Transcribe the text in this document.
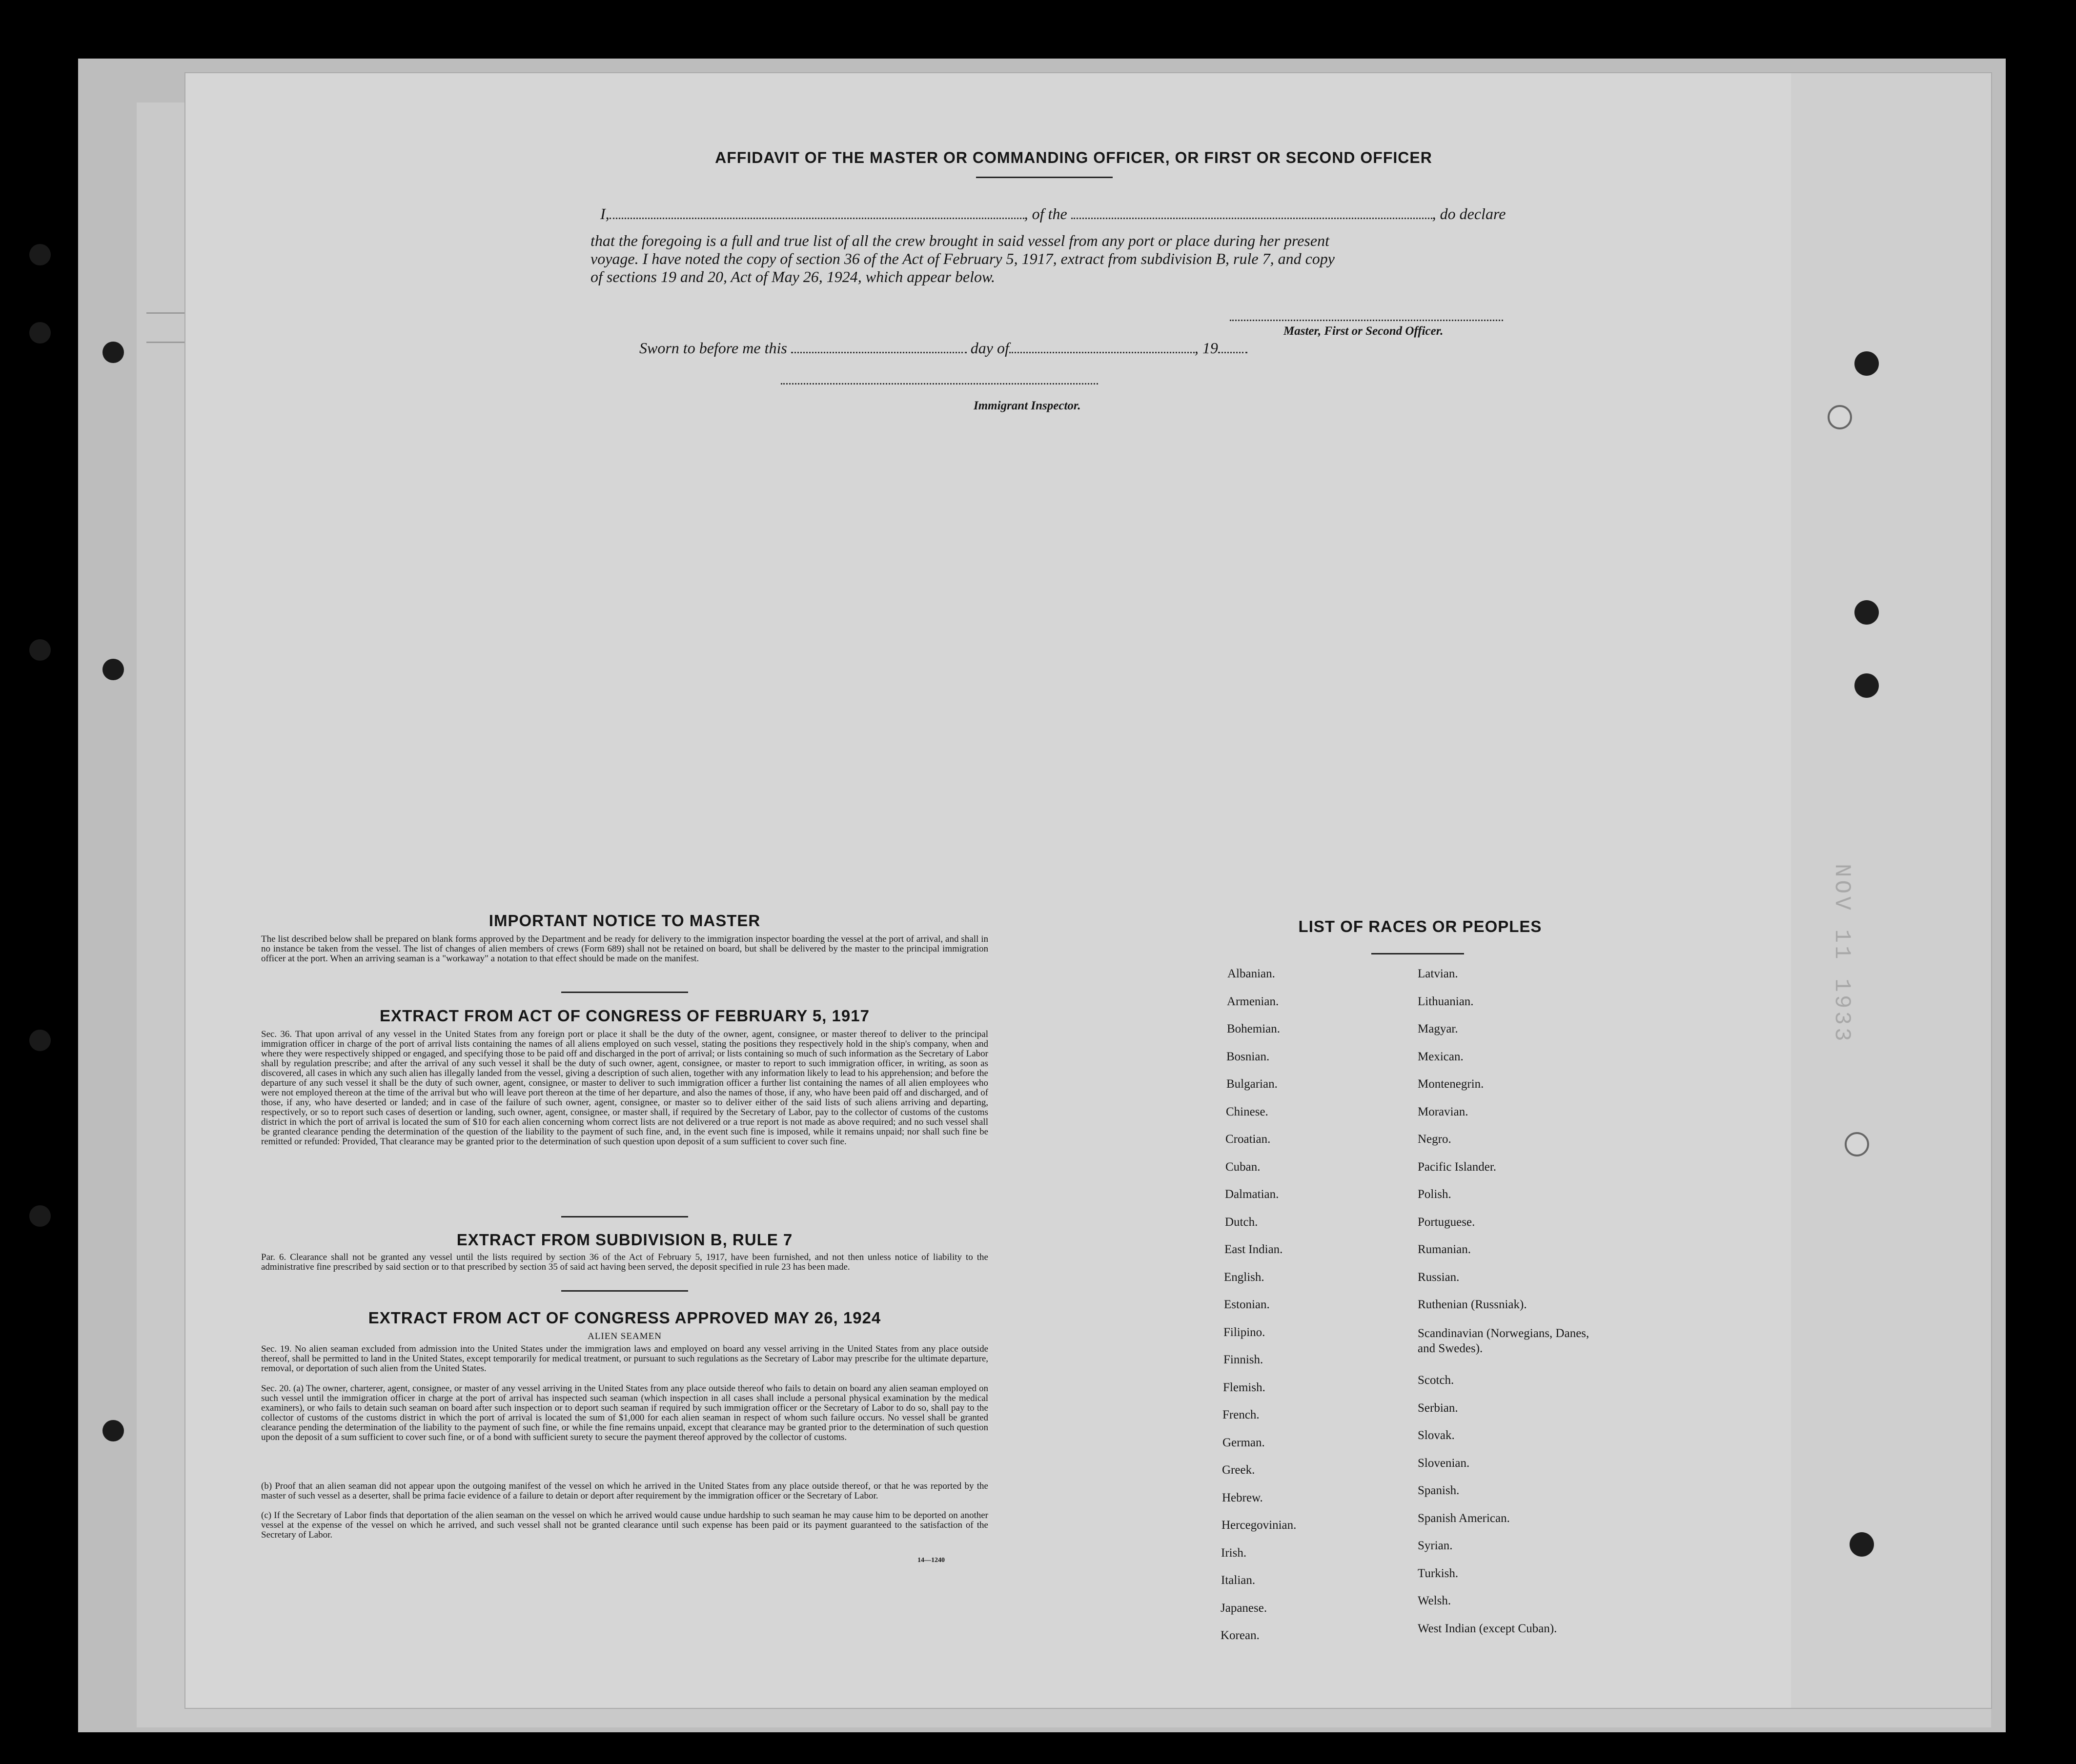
NOV 11 1933
AFFIDAVIT OF THE MASTER OR COMMANDING OFFICER, OR FIRST OR SECOND OFFICER
I,	, of the	, do declare
that the foregoing is a full and true list of all the crew brought in said vessel from any port or place during her present
voyage. I have noted the copy of section 36 of the Act of February 5, 1917, extract from subdivision B, rule 7, and copy
of sections 19 and 20, Act of May 26, 1924, which appear below.
Master, First or Second Officer.
Sworn to before me this	day of	, 19
Immigrant Inspector.
IMPORTANT NOTICE TO MASTER
The list described below shall be prepared on blank forms approved by the Department and be ready for delivery to the immigration inspector boarding the vessel at the port of arrival, and shall in no instance be taken from the vessel. The list of changes of alien members of crews (Form 689) shall not be retained on board, but shall be delivered by the master to the principal immigration officer at the port. When an arriving seaman is a "workaway" a notation to that effect should be made on the manifest.
EXTRACT FROM ACT OF CONGRESS OF FEBRUARY 5, 1917
Sec. 36. That upon arrival of any vessel in the United States from any foreign port or place it shall be the duty of the owner, agent, consignee, or master thereof to deliver to the principal immigration officer in charge of the port of arrival lists containing the names of all aliens employed on such vessel, stating the positions they respectively hold in the ship's company, when and where they were respectively shipped or engaged, and specifying those to be paid off and discharged in the port of arrival; or lists containing so much of such information as the Secretary of Labor shall by regulation prescribe; and after the arrival of any such vessel it shall be the duty of such owner, agent, consignee, or master to report to such immigration officer, in writing, as soon as discovered, all cases in which any such alien has illegally landed from the vessel, giving a description of such alien, together with any information likely to lead to his apprehension; and before the departure of any such vessel it shall be the duty of such owner, agent, consignee, or master to deliver to such immigration officer a further list containing the names of all alien employees who were not employed thereon at the time of the arrival but who will leave port thereon at the time of her departure, and also the names of those, if any, who have been paid off and discharged, and of those, if any, who have deserted or landed; and in case of the failure of such owner, agent, consignee, or master so to deliver either of the said lists of such aliens arriving and departing, respectively, or so to report such cases of desertion or landing, such owner, agent, consignee, or master shall, if required by the Secretary of Labor, pay to the collector of customs of the customs district in which the port of arrival is located the sum of $10 for each alien concerning whom correct lists are not delivered or a true report is not made as above required; and no such vessel shall be granted clearance pending the determination of the question of the liability to the payment of such fine, and, in the event such fine is imposed, while it remains unpaid; nor shall such fine be remitted or refunded: Provided, That clearance may be granted prior to the determination of such question upon deposit of a sum sufficient to cover such fine.
EXTRACT FROM SUBDIVISION B, RULE 7
Par. 6. Clearance shall not be granted any vessel until the lists required by section 36 of the Act of February 5, 1917, have been furnished, and not then unless notice of liability to the administrative fine prescribed by said section or to that prescribed by section 35 of said act having been served, the deposit specified in rule 23 has been made.
EXTRACT FROM ACT OF CONGRESS APPROVED MAY 26, 1924
ALIEN SEAMEN
Sec. 19. No alien seaman excluded from admission into the United States under the immigration laws and employed on board any vessel arriving in the United States from any place outside thereof, shall be permitted to land in the United States, except temporarily for medical treatment, or pursuant to such regulations as the Secretary of Labor may prescribe for the ultimate departure, removal, or deportation of such alien from the United States.
Sec. 20. (a) The owner, charterer, agent, consignee, or master of any vessel arriving in the United States from any place outside thereof who fails to detain on board any alien seaman employed on such vessel until the immigration officer in charge at the port of arrival has inspected such seaman (which inspection in all cases shall include a personal physical examination by the medical examiners), or who fails to detain such seaman on board after such inspection or to deport such seaman if required by such immigration officer or the Secretary of Labor to do so, shall pay to the collector of customs of the customs district in which the port of arrival is located the sum of $1,000 for each alien seaman in respect of whom such failure occurs. No vessel shall be granted clearance pending the determination of the liability to the payment of such fine, or while the fine remains unpaid, except that clearance may be granted prior to the determination of such question upon the deposit of a sum sufficient to cover such fine, or of a bond with sufficient surety to secure the payment thereof approved by the collector of customs.
(b) Proof that an alien seaman did not appear upon the outgoing manifest of the vessel on which he arrived in the United States from any place outside thereof, or that he was reported by the master of such vessel as a deserter, shall be prima facie evidence of a failure to detain or deport after requirement by the immigration officer or the Secretary of Labor.
(c) If the Secretary of Labor finds that deportation of the alien seaman on the vessel on which he arrived would cause undue hardship to such seaman he may cause him to be deported on another vessel at the expense of the vessel on which he arrived, and such vessel shall not be granted clearance until such expense has been paid or its payment guaranteed to the satisfaction of the Secretary of Labor.
14—1240
LIST OF RACES OR PEOPLES
Albanian.
Armenian.
Bohemian.
Bosnian.
Bulgarian.
Chinese.
Croatian.
Cuban.
Dalmatian.
Dutch.
East Indian.
English.
Estonian.
Filipino.
Finnish.
Flemish.
French.
German.
Greek.
Hebrew.
Hercegovinian.
Irish.
Italian.
Japanese.
Korean.
Latvian.
Lithuanian.
Magyar.
Mexican.
Montenegrin.
Moravian.
Negro.
Pacific Islander.
Polish.
Portuguese.
Rumanian.
Russian.
Ruthenian (Russniak).
Scandinavian (Norwegians, Danes, and Swedes).
Scotch.
Serbian.
Slovak.
Slovenian.
Spanish.
Spanish American.
Syrian.
Turkish.
Welsh.
West Indian (except Cuban).
